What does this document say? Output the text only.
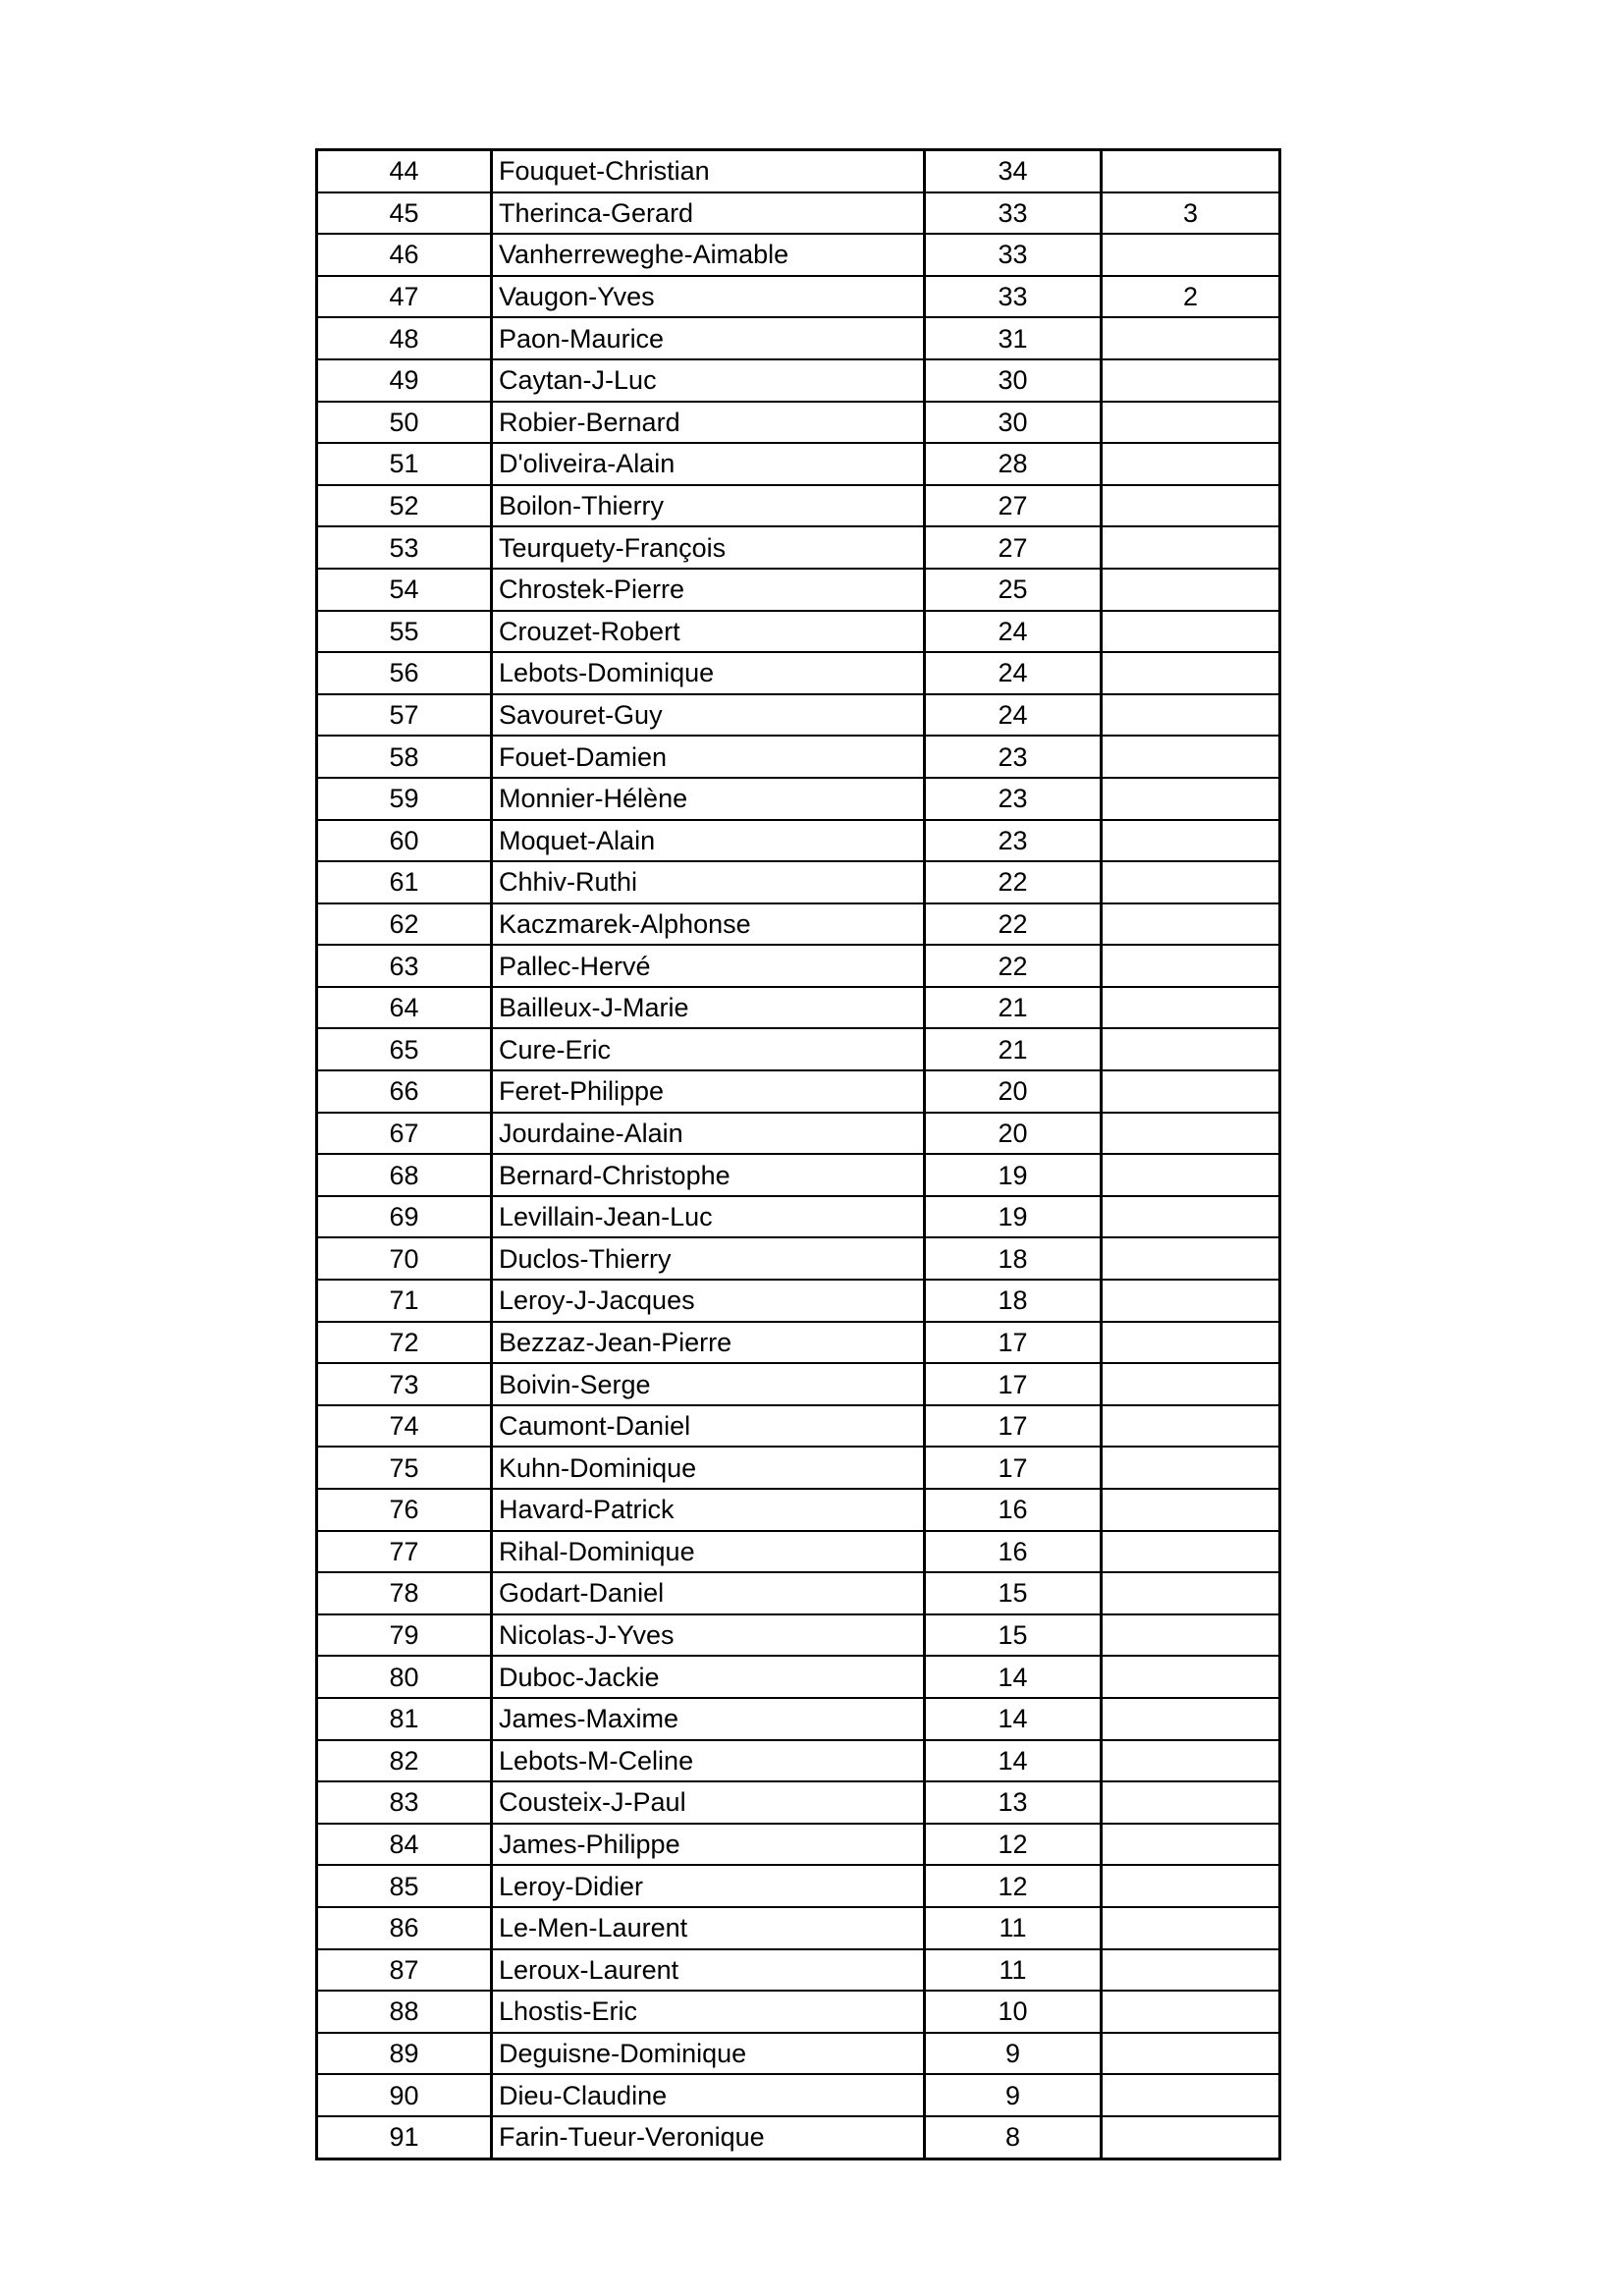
44	Fouquet-Christian	34	
45	Therinca-Gerard	33	3
46	Vanherreweghe-Aimable	33	
47	Vaugon-Yves	33	2
48	Paon-Maurice	31	
49	Caytan-J-Luc	30	
50	Robier-Bernard	30	
51	D'oliveira-Alain	28	
52	Boilon-Thierry	27	
53	Teurquety-François	27	
54	Chrostek-Pierre	25	
55	Crouzet-Robert	24	
56	Lebots-Dominique	24	
57	Savouret-Guy	24	
58	Fouet-Damien	23	
59	Monnier-Hélène	23	
60	Moquet-Alain	23	
61	Chhiv-Ruthi	22	
62	Kaczmarek-Alphonse	22	
63	Pallec-Hervé	22	
64	Bailleux-J-Marie	21	
65	Cure-Eric	21	
66	Feret-Philippe	20	
67	Jourdaine-Alain	20	
68	Bernard-Christophe	19	
69	Levillain-Jean-Luc	19	
70	Duclos-Thierry	18	
71	Leroy-J-Jacques	18	
72	Bezzaz-Jean-Pierre	17	
73	Boivin-Serge	17	
74	Caumont-Daniel	17	
75	Kuhn-Dominique	17	
76	Havard-Patrick	16	
77	Rihal-Dominique	16	
78	Godart-Daniel	15	
79	Nicolas-J-Yves	15	
80	Duboc-Jackie	14	
81	James-Maxime	14	
82	Lebots-M-Celine	14	
83	Cousteix-J-Paul	13	
84	James-Philippe	12	
85	Leroy-Didier	12	
86	Le-Men-Laurent	11	
87	Leroux-Laurent	11	
88	Lhostis-Eric	10	
89	Deguisne-Dominique	9	
90	Dieu-Claudine	9	
91	Farin-Tueur-Veronique	8	
